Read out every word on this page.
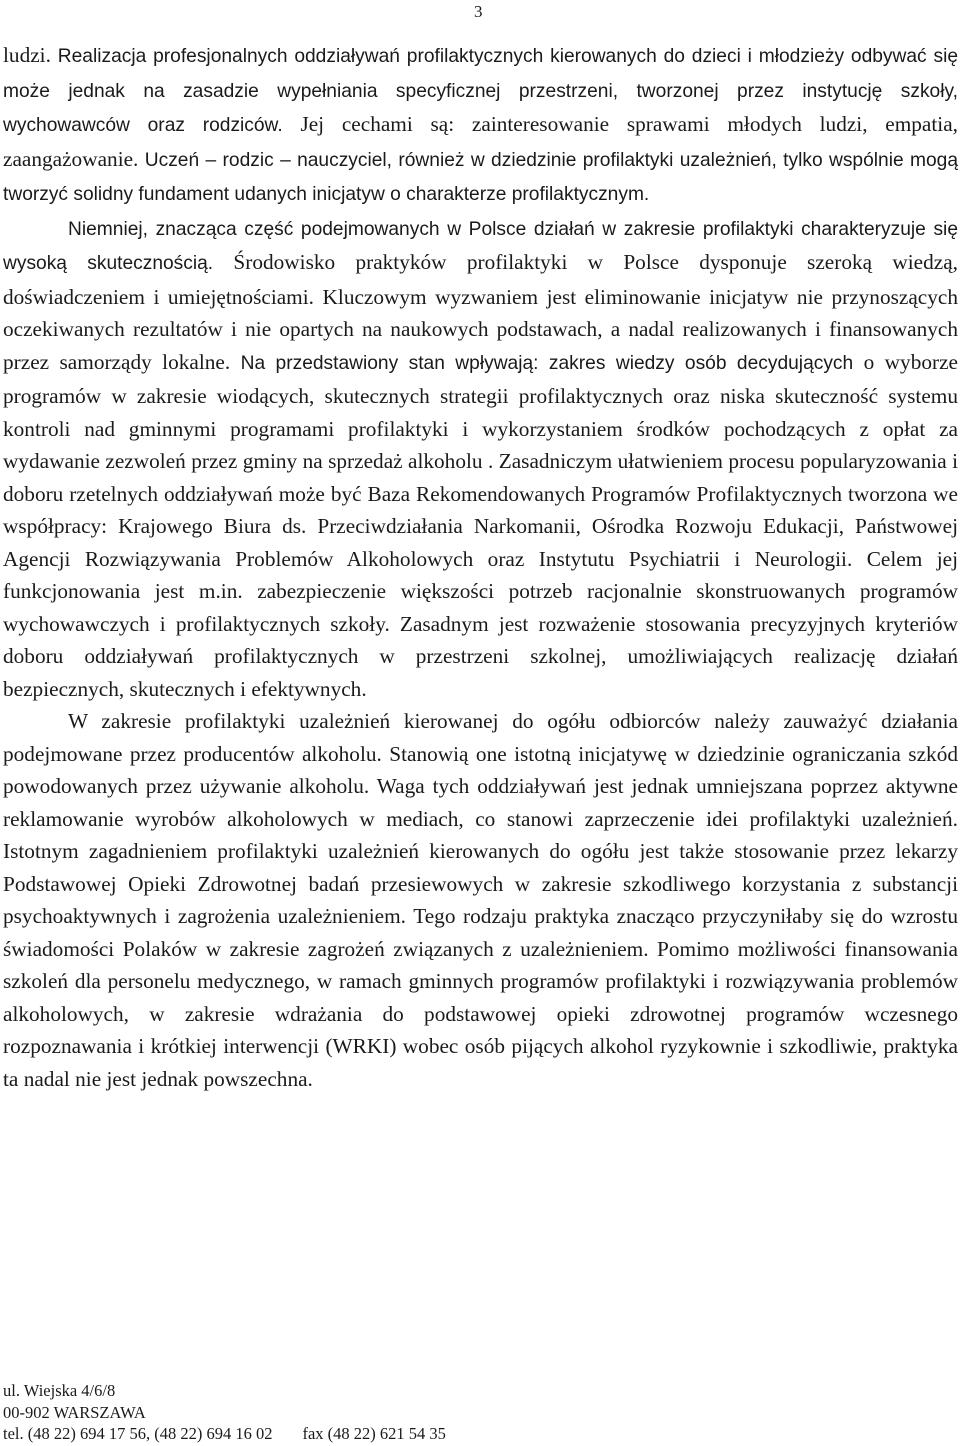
3

ludzi. Realizacja profesjonalnych oddziaływań profilaktycznych kierowanych do dzieci i młodzieży odbywać się może jednak na zasadzie wypełniania specyficznej przestrzeni, tworzonej przez instytucję szkoły, wychowawców oraz rodziców. Jej cechami są: zainteresowanie sprawami młodych ludzi, empatia, zaangażowanie. Uczeń – rodzic – nauczyciel, również w dziedzinie profilaktyki uzależnień, tylko wspólnie mogą tworzyć solidny fundament udanych inicjatyw o charakterze profilaktycznym.

Niemniej, znacząca część podejmowanych w Polsce działań w zakresie profilaktyki charakteryzuje się wysoką skutecznością. Środowisko praktyków profilaktyki w Polsce dysponuje szeroką wiedzą, doświadczeniem i umiejętnościami. Kluczowym wyzwaniem jest eliminowanie inicjatyw nie przynoszących oczekiwanych rezultatów i nie opartych na naukowych podstawach, a nadal realizowanych i finansowanych przez samorządy lokalne. Na przedstawiony stan wpływają: zakres wiedzy osób decydujących o wyborze programów w zakresie wiodących, skutecznych strategii profilaktycznych oraz niska skuteczność systemu kontroli nad gminnymi programami profilaktyki i wykorzystaniem środków pochodzących z opłat za wydawanie zezwoleń przez gminy na sprzedaż alkoholu . Zasadniczym ułatwieniem procesu popularyzowania i doboru rzetelnych oddziaływań może być Baza Rekomendowanych Programów Profilaktycznych tworzona we współpracy: Krajowego Biura ds. Przeciwdziałania Narkomanii, Ośrodka Rozwoju Edukacji, Państwowej Agencji Rozwiązywania Problemów Alkoholowych oraz Instytutu Psychiatrii i Neurologii. Celem jej funkcjonowania jest m.in. zabezpieczenie większości potrzeb racjonalnie skonstruowanych programów wychowawczych i profilaktycznych szkoły. Zasadnym jest rozważenie stosowania precyzyjnych kryteriów doboru oddziaływań profilaktycznych w przestrzeni szkolnej, umożliwiających realizację działań bezpiecznych, skutecznych i efektywnych.

W zakresie profilaktyki uzależnień kierowanej do ogółu odbiorców należy zauważyć działania podejmowane przez producentów alkoholu. Stanowią one istotną inicjatywę w dziedzinie ograniczania szkód powodowanych przez używanie alkoholu. Waga tych oddziaływań jest jednak umniejszana poprzez aktywne reklamowanie wyrobów alkoholowych w mediach, co stanowi zaprzeczenie idei profilaktyki uzależnień. Istotnym zagadnieniem profilaktyki uzależnień kierowanych do ogółu jest także stosowanie przez lekarzy Podstawowej Opieki Zdrowotnej badań przesiewowych w zakresie szkodliwego korzystania z substancji psychoaktywnych i zagrożenia uzależnieniem. Tego rodzaju praktyka znacząco przyczyniłaby się do wzrostu świadomości Polaków w zakresie zagrożeń związanych z uzależnieniem. Pomimo możliwości finansowania szkoleń dla personelu medycznego, w ramach gminnych programów profilaktyki i rozwiązywania problemów alkoholowych, w zakresie wdrażania do podstawowej opieki zdrowotnej programów wczesnego rozpoznawania i krótkiej interwencji (WRKI) wobec osób pijących alkohol ryzykownie i szkodliwie, praktyka ta nadal nie jest jednak powszechna.

ul. Wiejska 4/6/8
00-902 WARSZAWA
tel. (48 22) 694 17 56, (48 22) 694 16 02 fax (48 22) 621 54 35
